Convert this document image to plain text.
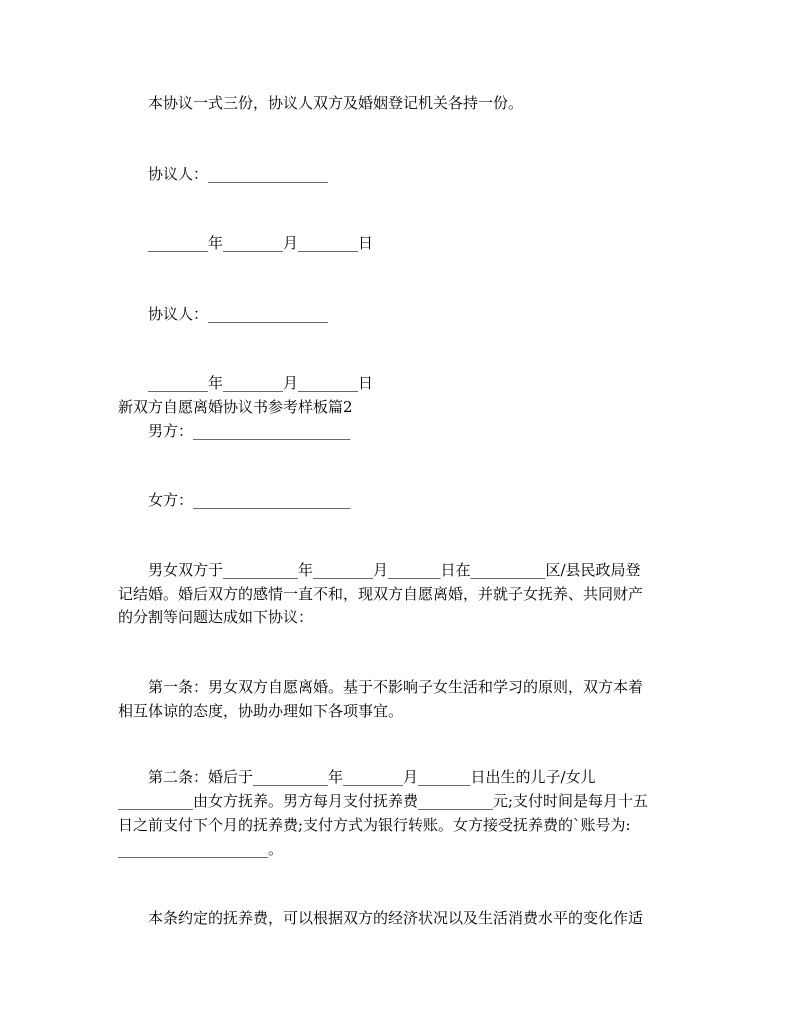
本协议一式三份，协议人双方及婚姻登记机关各持一份。

协议人：________________

________年________月________日

协议人：________________

________年________月________日

新双方自愿离婚协议书参考样板篇2

男方：_____________________

女方：_____________________

男女双方于__________年________月_______日在__________区/县民政局登

记结婚。婚后双方的感情一直不和，现双方自愿离婚，并就子女抚养、共同财产

的分割等问题达成如下协议：

第一条：男女双方自愿离婚。基于不影响子女生活和学习的原则，双方本着

相互体谅的态度，协助办理如下各项事宜。

第二条：婚后于__________年________月_______日出生的儿子/女儿

__________由女方抚养。男方每月支付抚养费__________元;支付时间是每月十五

日之前支付下个月的抚养费;支付方式为银行转账。女方接受抚养费的`账号为:

____________________。

本条约定的抚养费，可以根据双方的经济状况以及生活消费水平的变化作适
